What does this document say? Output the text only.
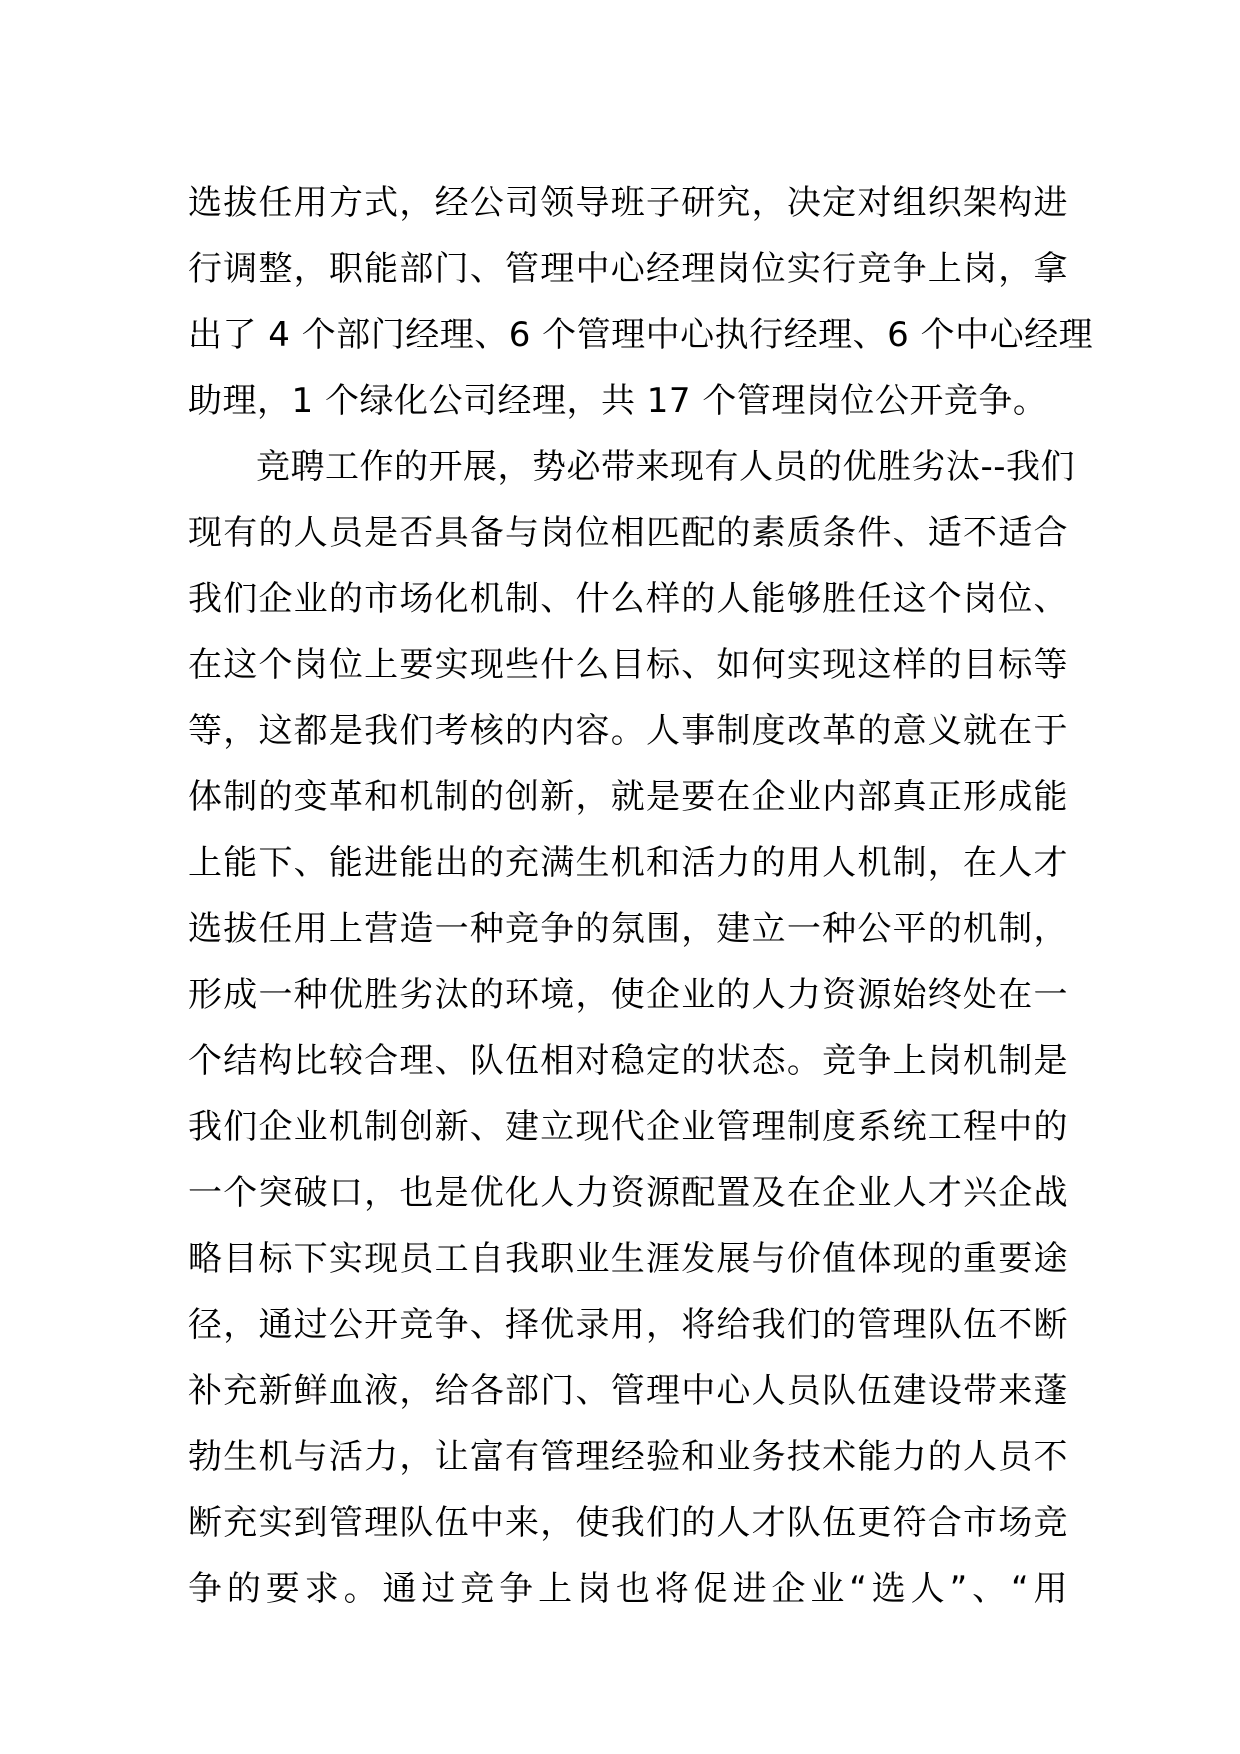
选拔任用方式，经公司领导班子研究，决定对组织架构进
行调整，职能部门、管理中心经理岗位实行竞争上岗，拿
出了 4 个部门经理、6 个管理中心执行经理、6 个中心经理
助理，1 个绿化公司经理，共 17 个管理岗位公开竞争。
竞聘工作的开展，势必带来现有人员的优胜劣汰--我们
现有的人员是否具备与岗位相匹配的素质条件、适不适合
我们企业的市场化机制、什么样的人能够胜任这个岗位、
在这个岗位上要实现些什么目标、如何实现这样的目标等
等，这都是我们考核的内容。人事制度改革的意义就在于
体制的变革和机制的创新，就是要在企业内部真正形成能
上能下、能进能出的充满生机和活力的用人机制，在人才
选拔任用上营造一种竞争的氛围，建立一种公平的机制，
形成一种优胜劣汰的环境，使企业的人力资源始终处在一
个结构比较合理、队伍相对稳定的状态。竞争上岗机制是
我们企业机制创新、建立现代企业管理制度系统工程中的
一个突破口，也是优化人力资源配置及在企业人才兴企战
略目标下实现员工自我职业生涯发展与价值体现的重要途
径，通过公开竞争、择优录用，将给我们的管理队伍不断
补充新鲜血液，给各部门、管理中心人员队伍建设带来蓬
勃生机与活力，让富有管理经验和业务技术能力的人员不
断充实到管理队伍中来，使我们的人才队伍更符合市场竞
争的要求。通过竞争上岗也将促进企业“选人”、“用
